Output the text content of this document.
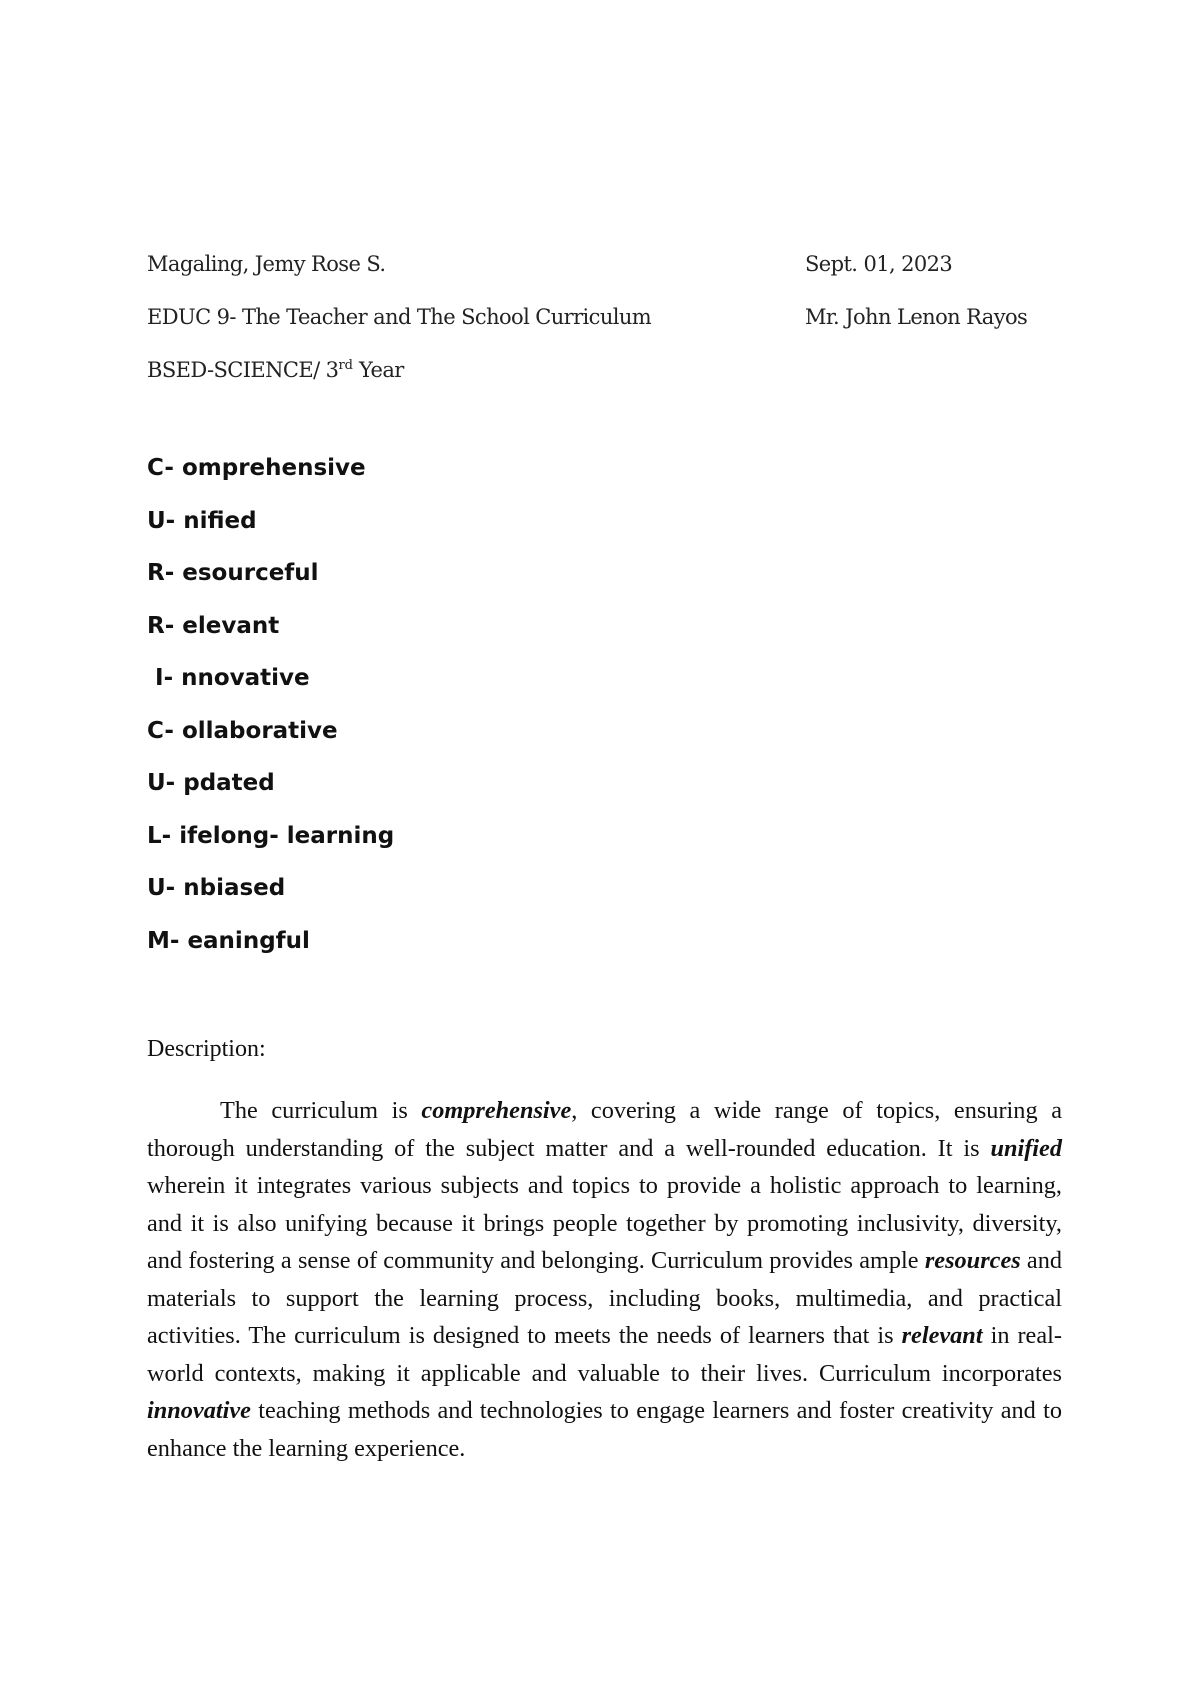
Magaling, Jemy Rose S.
EDUC 9- The Teacher and The School Curriculum
BSED-SCIENCE/ 3rd Year
Sept. 01, 2023
Mr. John Lenon Rayos
C- omprehensive
U- nified
R- esourceful
R- elevant
I- nnovative
C- ollaborative
U- pdated
L- ifelong- learning
U- nbiased
M- eaningful
Description:

The curriculum is comprehensive, covering a wide range of topics, ensuring a thorough understanding of the subject matter and a well-rounded education. It is unified wherein it integrates various subjects and topics to provide a holistic approach to learning, and it is also unifying because it brings people together by promoting inclusivity, diversity, and fostering a sense of community and belonging. Curriculum provides ample resources and materials to support the learning process, including books, multimedia, and practical activities. The curriculum is designed to meets the needs of learners that is relevant in real-world contexts, making it applicable and valuable to their lives. Curriculum incorporates innovative teaching methods and technologies to engage learners and foster creativity and to enhance the learning experience.
